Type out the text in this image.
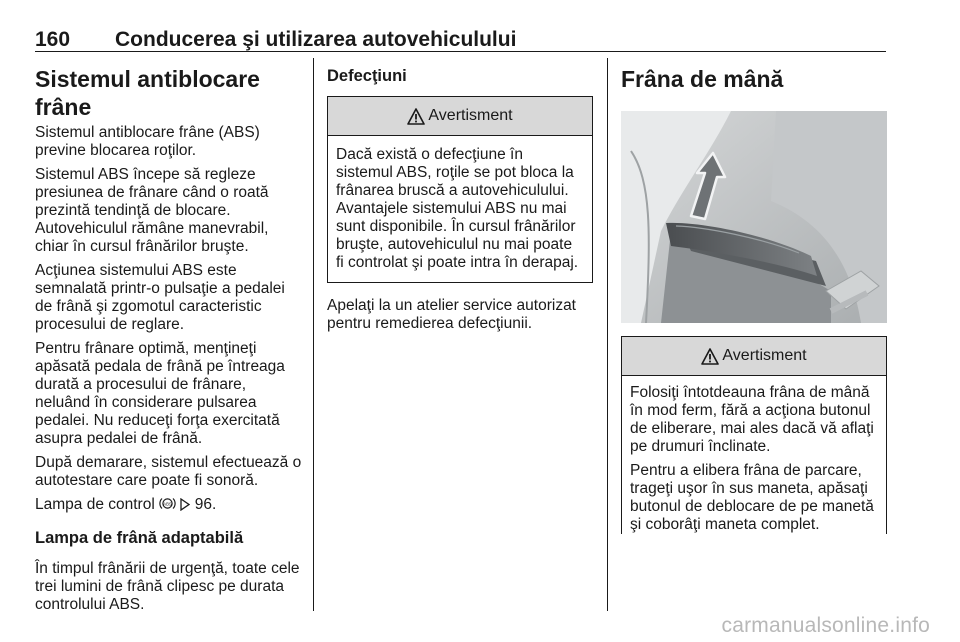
160 Conducerea şi utilizarea autovehiculului
Sistemul antiblocare frâne

Sistemul antiblocare frâne (ABS) previne blocarea roţilor.

Sistemul ABS începe să regleze presiunea de frânare când o roată prezintă tendinţă de blocare. Autovehiculul rămâne manevrabil, chiar în cursul frânărilor bruşte.

Acţiunea sistemului ABS este semnalată printr-o pulsaţie a pedalei de frână şi zgomotul caracteristic procesului de reglare.

Pentru frânare optimă, menţineţi apăsată pedala de frână pe întreaga durată a procesului de frânare, neluând în considerare pulsarea pedalei. Nu reduceţi forţa exercitată asupra pedalei de frână.

După demarare, sistemul efectuează o autotestare care poate fi sonoră.

Lampa de control ABS 96.

Lampa de frână adaptabilă

În timpul frânării de urgenţă, toate cele trei lumini de frână clipesc pe durata controlului ABS.

Defecţiuni
Avertisment

Dacă există o defecţiune în sistemul ABS, roţile se pot bloca la frânarea bruscă a autovehiculului. Avantajele sistemului ABS nu mai sunt disponibile. În cursul frânărilor bruşte, autovehiculul nu mai poate fi controlat şi poate intra în derapaj.

Apelaţi la un atelier service autorizat pentru remedierea defecţiunii.

Frâna de mână
Avertisment

Folosiţi întotdeauna frâna de mână în mod ferm, fără a acţiona butonul de eliberare, mai ales dacă vă aflaţi pe drumuri înclinate.

Pentru a elibera frâna de parcare, trageţi uşor în sus maneta, apăsaţi butonul de deblocare de pe manetă şi coborâţi maneta complet.

carmanualsonline.info
